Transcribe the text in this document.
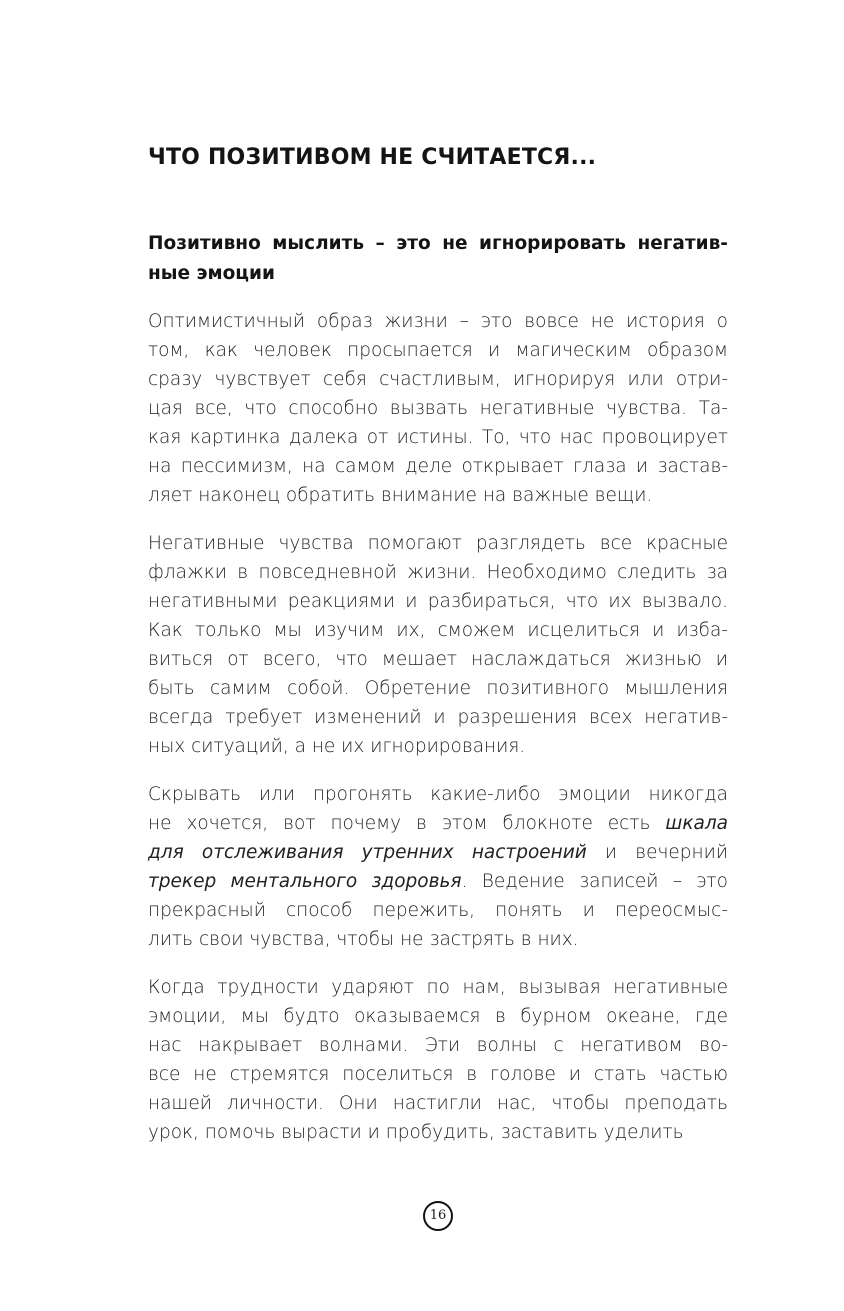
ЧТО ПОЗИТИВОМ НЕ СЧИТАЕТСЯ...
Позитивно мыслить – это не игнорировать негатив-
ные эмоции

Оптимистичный образ жизни – это вовсе не история о
том, как человек просыпается и магическим образом
сразу чувствует себя счастливым, игнорируя или отри-
цая все, что способно вызвать негативные чувства. Та-
кая картинка далека от истины. То, что нас провоцирует
на пессимизм, на самом деле открывает глаза и застав-
ляет наконец обратить внимание на важные вещи.

Негативные чувства помогают разглядеть все красные
флажки в повседневной жизни. Необходимо следить за
негативными реакциями и разбираться, что их вызвало.
Как только мы изучим их, сможем исцелиться и изба-
виться от всего, что мешает наслаждаться жизнью и
быть самим собой. Обретение позитивного мышления
всегда требует изменений и разрешения всех негатив-
ных ситуаций, а не их игнорирования.

Скрывать или прогонять какие-либо эмоции никогда
не хочется, вот почему в этом блокноте есть шкала
для отслеживания утренних настроений и вечерний
трекер ментального здоровья. Ведение записей – это
прекрасный способ пережить, понять и переосмыс-
лить свои чувства, чтобы не застрять в них.

Когда трудности ударяют по нам, вызывая негативные
эмоции, мы будто оказываемся в бурном океане, где
нас накрывает волнами. Эти волны с негативом во-
все не стремятся поселиться в голове и стать частью
нашей личности. Они настигли нас, чтобы преподать
урок, помочь вырасти и пробудить, заставить уделить

16
